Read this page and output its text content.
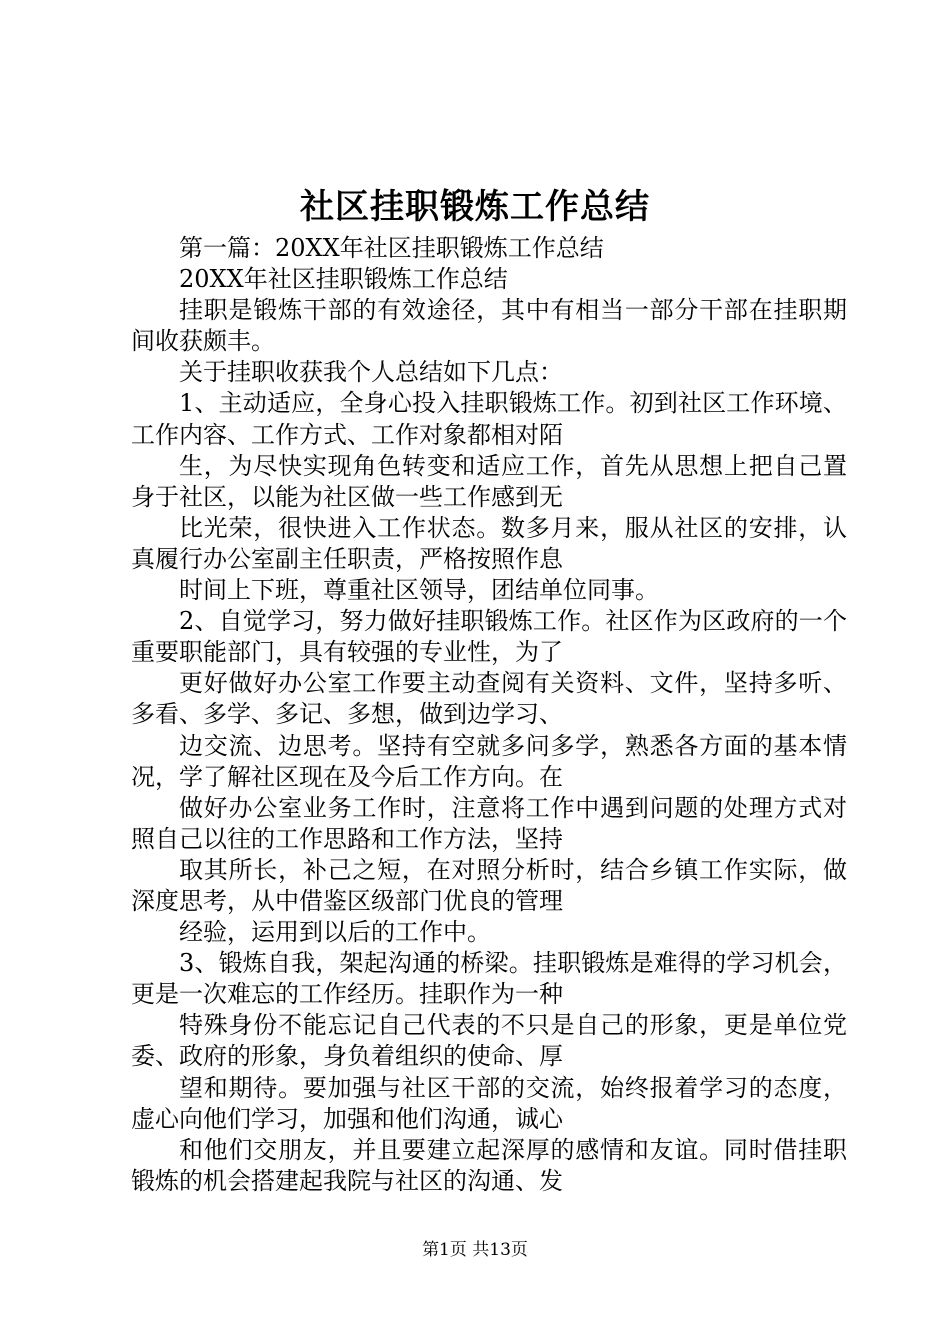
社区挂职锻炼工作总结

第一篇：20XX年社区挂职锻炼工作总结

20XX年社区挂职锻炼工作总结

挂职是锻炼干部的有效途径，其中有相当一部分干部在挂职期间收获颇丰。

关于挂职收获我个人总结如下几点：

1、主动适应，全身心投入挂职锻炼工作。初到社区工作环境、工作内容、工作方式、工作对象都相对陌

生，为尽快实现角色转变和适应工作，首先从思想上把自己置身于社区，以能为社区做一些工作感到无

比光荣，很快进入工作状态。数多月来，服从社区的安排，认真履行办公室副主任职责，严格按照作息

时间上下班，尊重社区领导，团结单位同事。

2、自觉学习，努力做好挂职锻炼工作。社区作为区政府的一个重要职能部门，具有较强的专业性，为了

更好做好办公室工作要主动查阅有关资料、文件，坚持多听、多看、多学、多记、多想，做到边学习、

边交流、边思考。坚持有空就多问多学，熟悉各方面的基本情况，学了解社区现在及今后工作方向。在

做好办公室业务工作时，注意将工作中遇到问题的处理方式对照自己以往的工作思路和工作方法，坚持

取其所长，补己之短，在对照分析时，结合乡镇工作实际，做深度思考，从中借鉴区级部门优良的管理

经验，运用到以后的工作中。

3、锻炼自我，架起沟通的桥梁。挂职锻炼是难得的学习机会，更是一次难忘的工作经历。挂职作为一种

特殊身份不能忘记自己代表的不只是自己的形象，更是单位党委、政府的形象，身负着组织的使命、厚

望和期待。要加强与社区干部的交流，始终报着学习的态度，虚心向他们学习，加强和他们沟通，诚心

和他们交朋友，并且要建立起深厚的感情和友谊。同时借挂职锻炼的机会搭建起我院与社区的沟通、发

第1页 共13页
